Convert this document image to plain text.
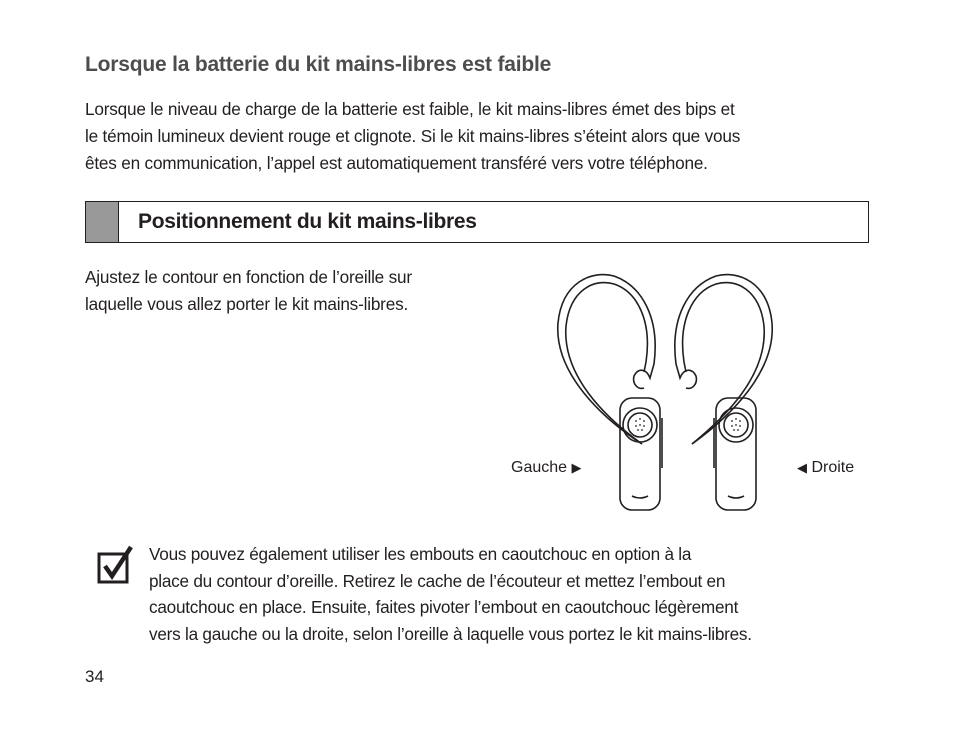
Lorsque la batterie du kit mains-libres est faible
Lorsque le niveau de charge de la batterie est faible, le kit mains-libres émet des bips et
le témoin lumineux devient rouge et clignote. Si le kit mains-libres s’éteint alors que vous
êtes en communication, l’appel est automatiquement transféré vers votre téléphone.
Positionnement du kit mains-libres
Ajustez le contour en fonction de l’oreille sur
laquelle vous allez porter le kit mains-libres.
Gauche ▶	◀ Droite
Vous pouvez également utiliser les embouts en caoutchouc en option à la
place du contour d’oreille. Retirez le cache de l’écouteur et mettez l’embout en
caoutchouc en place. Ensuite, faites pivoter l’embout en caoutchouc légèrement
vers la gauche ou la droite, selon l’oreille à laquelle vous portez le kit mains-libres.
34
